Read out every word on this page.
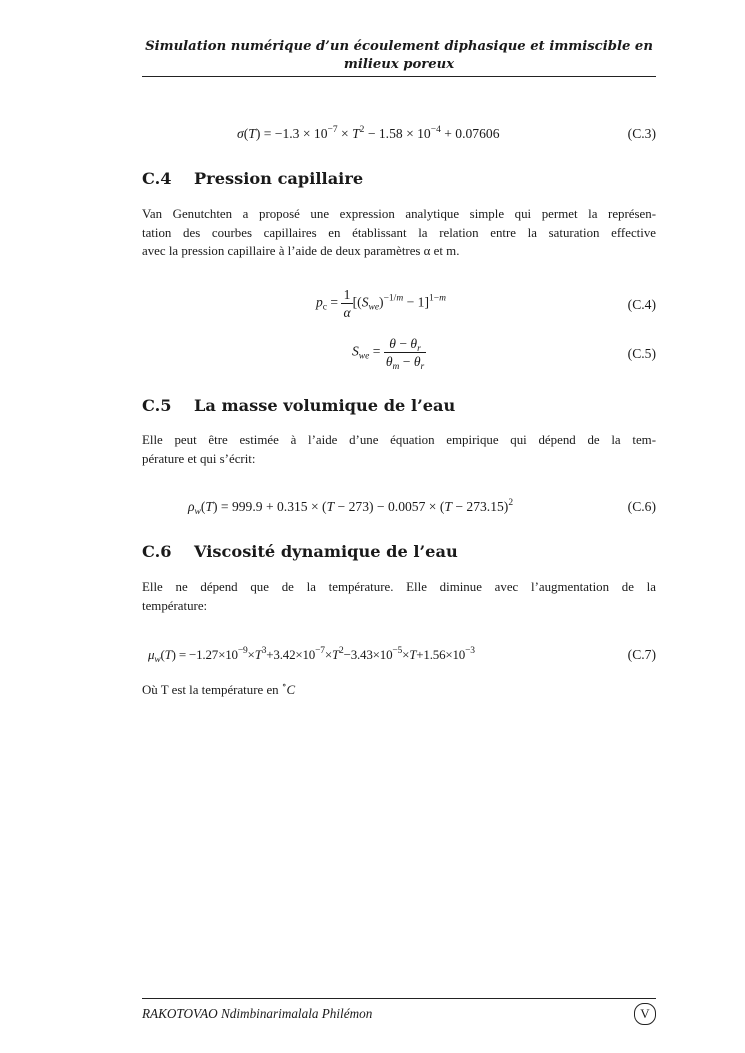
Simulation numérique d’un écoulement diphasique et immiscible en
milieux poreux
$\sigma(T) = -1.3 \times 10^{-7} \times T^2 - 1.58 \times 10^{-4} + 0.07606$	(C.3)
C.4 Pression capillaire
Van Genutchten a proposé une expression analytique simple qui permet la représen-
tation des courbes capillaires en établissant la relation entre la saturation effective
avec la pression capillaire à l’aide de deux paramètres α et m.
$p_c = \frac{1}{\alpha} [(S_{we})^{-1/m} - 1]^{1-m}$	(C.4)
$S_{we} = \frac{\theta - \theta_r}{\theta_m - \theta_r}$	(C.5)
C.5 La masse volumique de l’eau
Elle peut être estimée à l’aide d’une équation empirique qui dépend de la tem-
pérature et qui s’écrit:
$\rho_w(T) = 999.9 + 0.315 \times (T - 273) - 0.0057 \times (T - 273.15)^2$	(C.6)
C.6 Viscosité dynamique de l’eau
Elle ne dépend que de la température. Elle diminue avec l’augmentation de la
température:
$\mu_w(T) = -1.27\times 10^{-9}\times T^3+3.42\times 10^{-7}\times T^2-3.43\times 10^{-5}\times T+1.56\times 10^{-3}$	(C.7)
Où T est la température en ∘C
RAKOTOVAO Ndimbinarimalala Philémon	V
